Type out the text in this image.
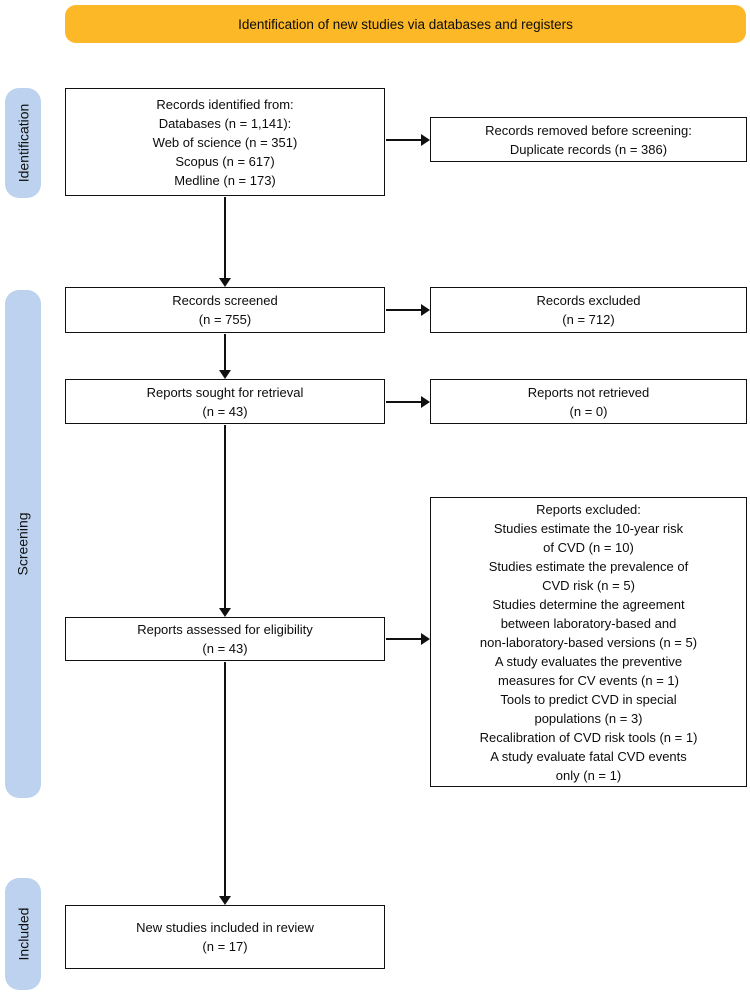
Identification of new studies via databases and registers
Identification
Screening
Included
Records identified from:
Databases (n = 1,141):
Web of science (n = 351)
Scopus (n = 617)
Medline (n = 173)
Records screened
(n = 755)
Reports sought for retrieval
(n = 43)
Reports assessed for eligibility
(n = 43)
New studies included in review
(n = 17)
Records removed before screening:
Duplicate records (n = 386)
Records excluded
(n = 712)
Reports not retrieved
(n = 0)
Reports excluded:
Studies estimate the 10-year risk
of CVD (n = 10)
Studies estimate the prevalence of
CVD risk (n = 5)
Studies determine the agreement
between laboratory-based and
non-laboratory-based versions (n = 5)
A study evaluates the preventive
measures for CV events (n = 1)
Tools to predict CVD in special
populations (n = 3)
Recalibration of CVD risk tools (n = 1)
A study evaluate fatal CVD events
only (n = 1)
